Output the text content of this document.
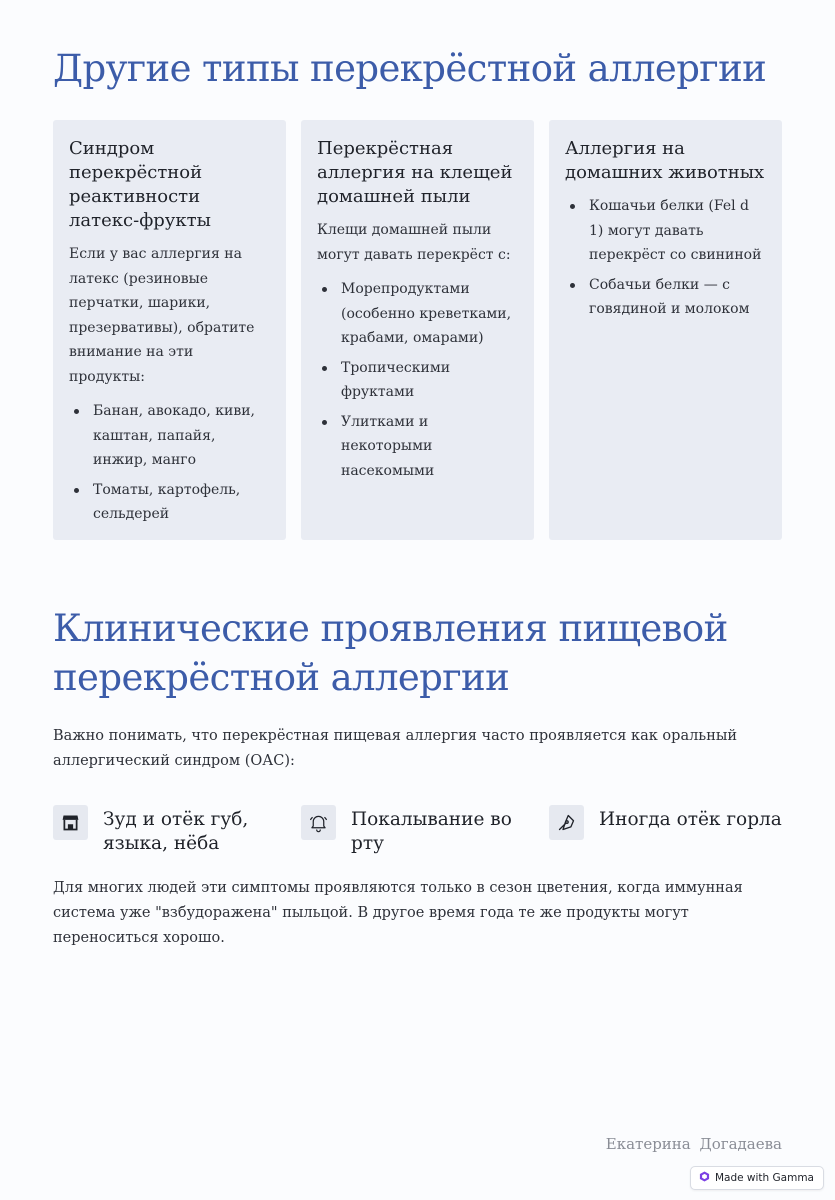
Другие типы перекрёстной аллергии
Синдром перекрёстной реактивности латекс-фрукты

Если у вас аллергия на латекс (резиновые перчатки, шарики, презервативы), обратите внимание на эти продукты:

Банан, авокадо, киви, каштан, папайя, инжир, манго
Томаты, картофель, сельдерей
Перекрёстная аллергия на клещей домашней пыли

Клещи домашней пыли могут давать перекрёст с:

Морепродуктами (особенно креветками, крабами, омарами)
Тропическими фруктами
Улитками и некоторыми насекомыми
Аллергия на домашних животных
Кошачьи белки (Fel d 1) могут давать перекрёст со свининой
Собачьи белки — с говядиной и молоком
Клинические проявления пищевой
перекрёстной аллергии

Важно понимать, что перекрёстная пищевая аллергия часто проявляется как оральный аллергический синдром (ОАС):

Зуд и отёк губ, языка, нёба
Покалывание во рту
Иногда отёк горла

Для многих людей эти симптомы проявляются только в сезон цветения, когда иммунная система уже "взбудоражена" пыльцой. В другое время года те же продукты могут переноситься хорошо.

Екатерина Догадаева
Made with Gamma
